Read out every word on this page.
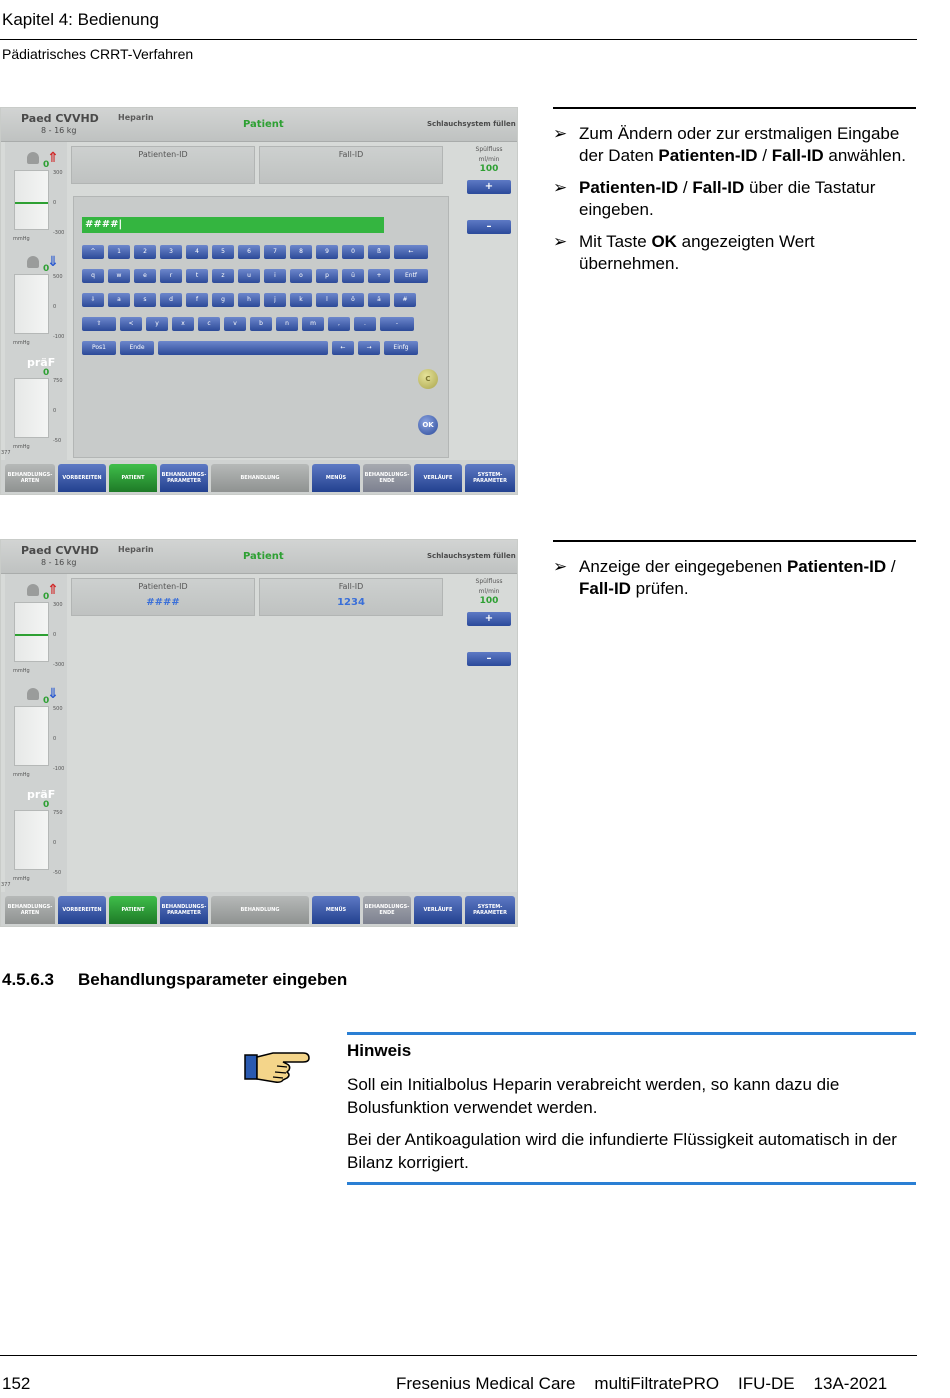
Kapitel 4: Bedienung
Pädiatrisches CRRT-Verfahren
Paed CVVHD
8 - 16 kg
Heparin
Patient	Schlauchsystem füllen
⇑
0
300
0
-300
mmHg
⇓
0
500
0
-100
mmHg
präF
0
750
0
-50
mmHg
Patienten-ID	Fall-ID
Spülfluss
ml/min
100
+
–
####|
^	1	2	3	4	5	6	7	8	9	0	ß	←
q	w	e	r	t	z	u	i	o	p	ü	+	Entf
⇩	a	s	d	f	g	h	j	k	l	ö	ä	#
⇧	<	y	x	c	v	b	n	m	,	.	-
Pos1	Ende	←	→	Einfg
C
OK
377
BEHANDLUNGS-ARTEN	VORBEREITEN	PATIENT	BEHANDLUNGS-PARAMETER	BEHANDLUNG	MENÜS	BEHANDLUNGS-ENDE	VERLÄUFE	SYSTEM-PARAMETER
Paed CVVHD
8 - 16 kg
Heparin
Patient	Schlauchsystem füllen
⇑
0
300
0
-300
mmHg
⇓
0
500
0
-100
mmHg
präF
0
750
0
-50
mmHg
Patienten-ID
####
Fall-ID
1234
Spülfluss
ml/min
100
+
–
377
BEHANDLUNGS-ARTEN	VORBEREITEN	PATIENT	BEHANDLUNGS-PARAMETER	BEHANDLUNG	MENÜS	BEHANDLUNGS-ENDE	VERLÄUFE	SYSTEM-PARAMETER
➢ Zum Ändern oder zur erstmaligen Eingabe der Daten Patienten-ID / Fall-ID anwählen.
➢ Patienten-ID / Fall-ID über die Tastatur eingeben.
➢ Mit Taste OK angezeigten Wert übernehmen.
➢ Anzeige der eingegebenen Patienten-ID / Fall-ID prüfen.
4.5.6.3 Behandlungsparameter eingeben
Hinweis
Soll ein Initialbolus Heparin verabreicht werden, so kann dazu die Bolusfunktion verwendet werden.
Bei der Antikoagulation wird die infundierte Flüssigkeit automatisch in der Bilanz korrigiert.
152	Fresenius Medical Care    multiFiltratePRO    IFU-DE    13A-2021
